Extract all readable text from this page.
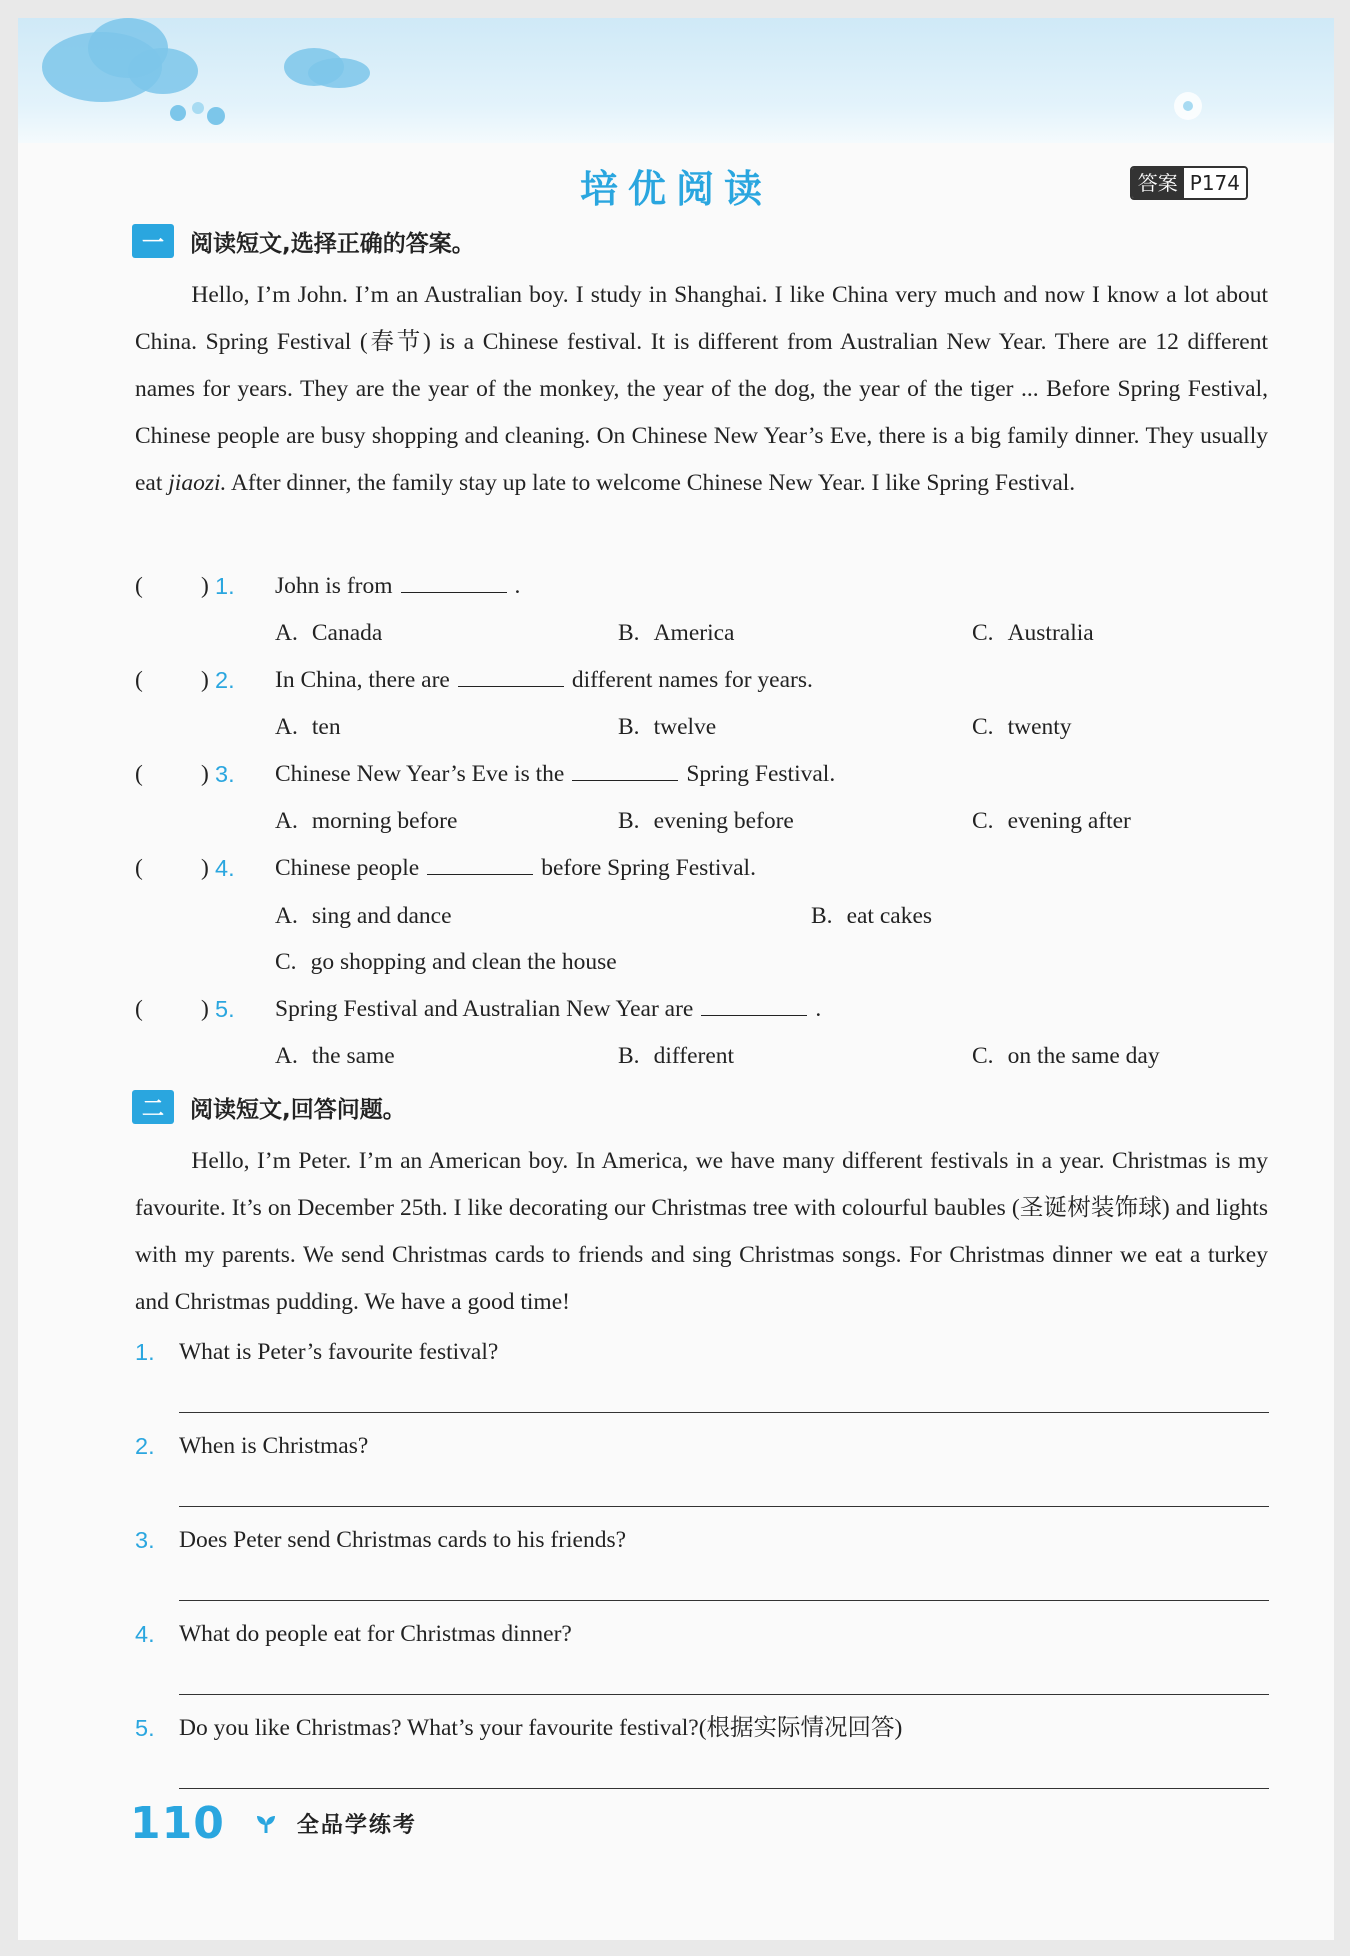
培优阅读	答案 P174
一	阅读短文,选择正确的答案。
Hello, I’m John. I’m an Australian boy. I study in Shanghai. I like China very much and now I know a lot about China. Spring Festival (春节) is a Chinese festival. It is different from Australian New Year. There are 12 different names for years. They are the year of the monkey, the year of the dog, the year of the tiger ... Before Spring Festival, Chinese people are busy shopping and cleaning. On Chinese New Year’s Eve, there is a big family dinner. They usually eat jiaozi. After dinner, the family stay up late to welcome Chinese New Year. I like Spring Festival.
( ) 1. John is from	.
A. Canada	B. America	C. Australia
( ) 2. In China, there are	different names for years.
A. ten	B. twelve	C. twenty
( ) 3. Chinese New Year’s Eve is the	Spring Festival.
A. morning before	B. evening before	C. evening after
( ) 4. Chinese people	before Spring Festival.
A. sing and dance	B. eat cakes
C. go shopping and clean the house
( ) 5. Spring Festival and Australian New Year are	.
A. the same	B. different	C. on the same day
二	阅读短文,回答问题。
Hello, I’m Peter. I’m an American boy. In America, we have many different festivals in a year. Christmas is my favourite. It’s on December 25th. I like decorating our Christmas tree with colourful baubles (圣诞树装饰球) and lights with my parents. We send Christmas cards to friends and sing Christmas songs. For Christmas dinner we eat a turkey and Christmas pudding. We have a good time!
1. What is Peter’s favourite festival?
2. When is Christmas?
3. Does Peter send Christmas cards to his friends?
4. What do people eat for Christmas dinner?
5. Do you like Christmas? What’s your favourite festival?(根据实际情况回答)
110	全品学练考
